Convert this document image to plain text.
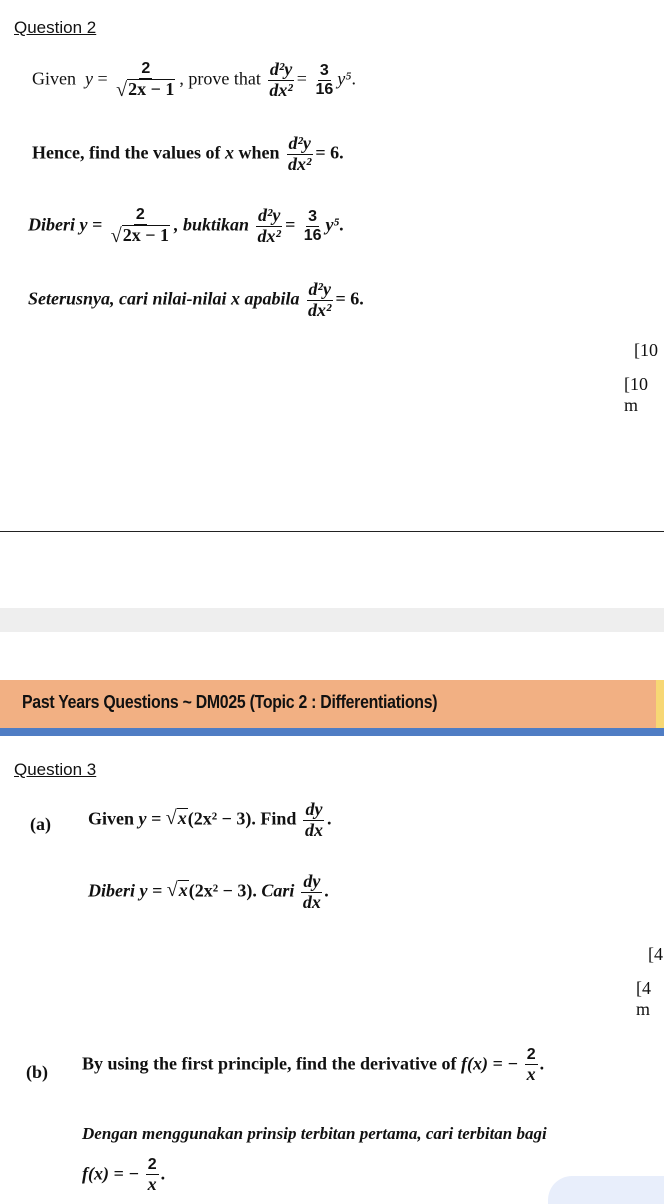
Question 2
Given  $y = \frac{2}{√ 2x - 1}$ , prove that $\frac{\text{d²y}}{\text{dx²}} = \frac{3}{16} y^5$.
Hence, find the values of x when $\frac{\text{d²y}}{\text{dx²}} = 6$.
Diberi $y = \frac{2}{√ 2x - 1}$ , buktikan $\frac{\text{d²y}}{\text{dx²}} = \frac{3}{16} y^5$.
Seterusnya, cari nilai-nilai x apabila $\frac{\text{d²y}}{\text{dx²}} = 6$.
[10
[10 m
Past Years Questions ~ DM025 (Topic 2 : Differentiations)
Question 3
(a) Given y = √ x (2x² − 3). Find $\frac{dy}{dx}$ .
Diberi y = √ x (2x² − 3). Cari $\frac{dy}{dx}$ .
[4
[4 m
(b) By using the first principle, find the derivative of f(x) = − $\frac{2}{x}$ .
Dengan menggunakan prinsip terbitan pertama, cari terbitan bagi
f(x) = − $\frac{2}{x}$ .
